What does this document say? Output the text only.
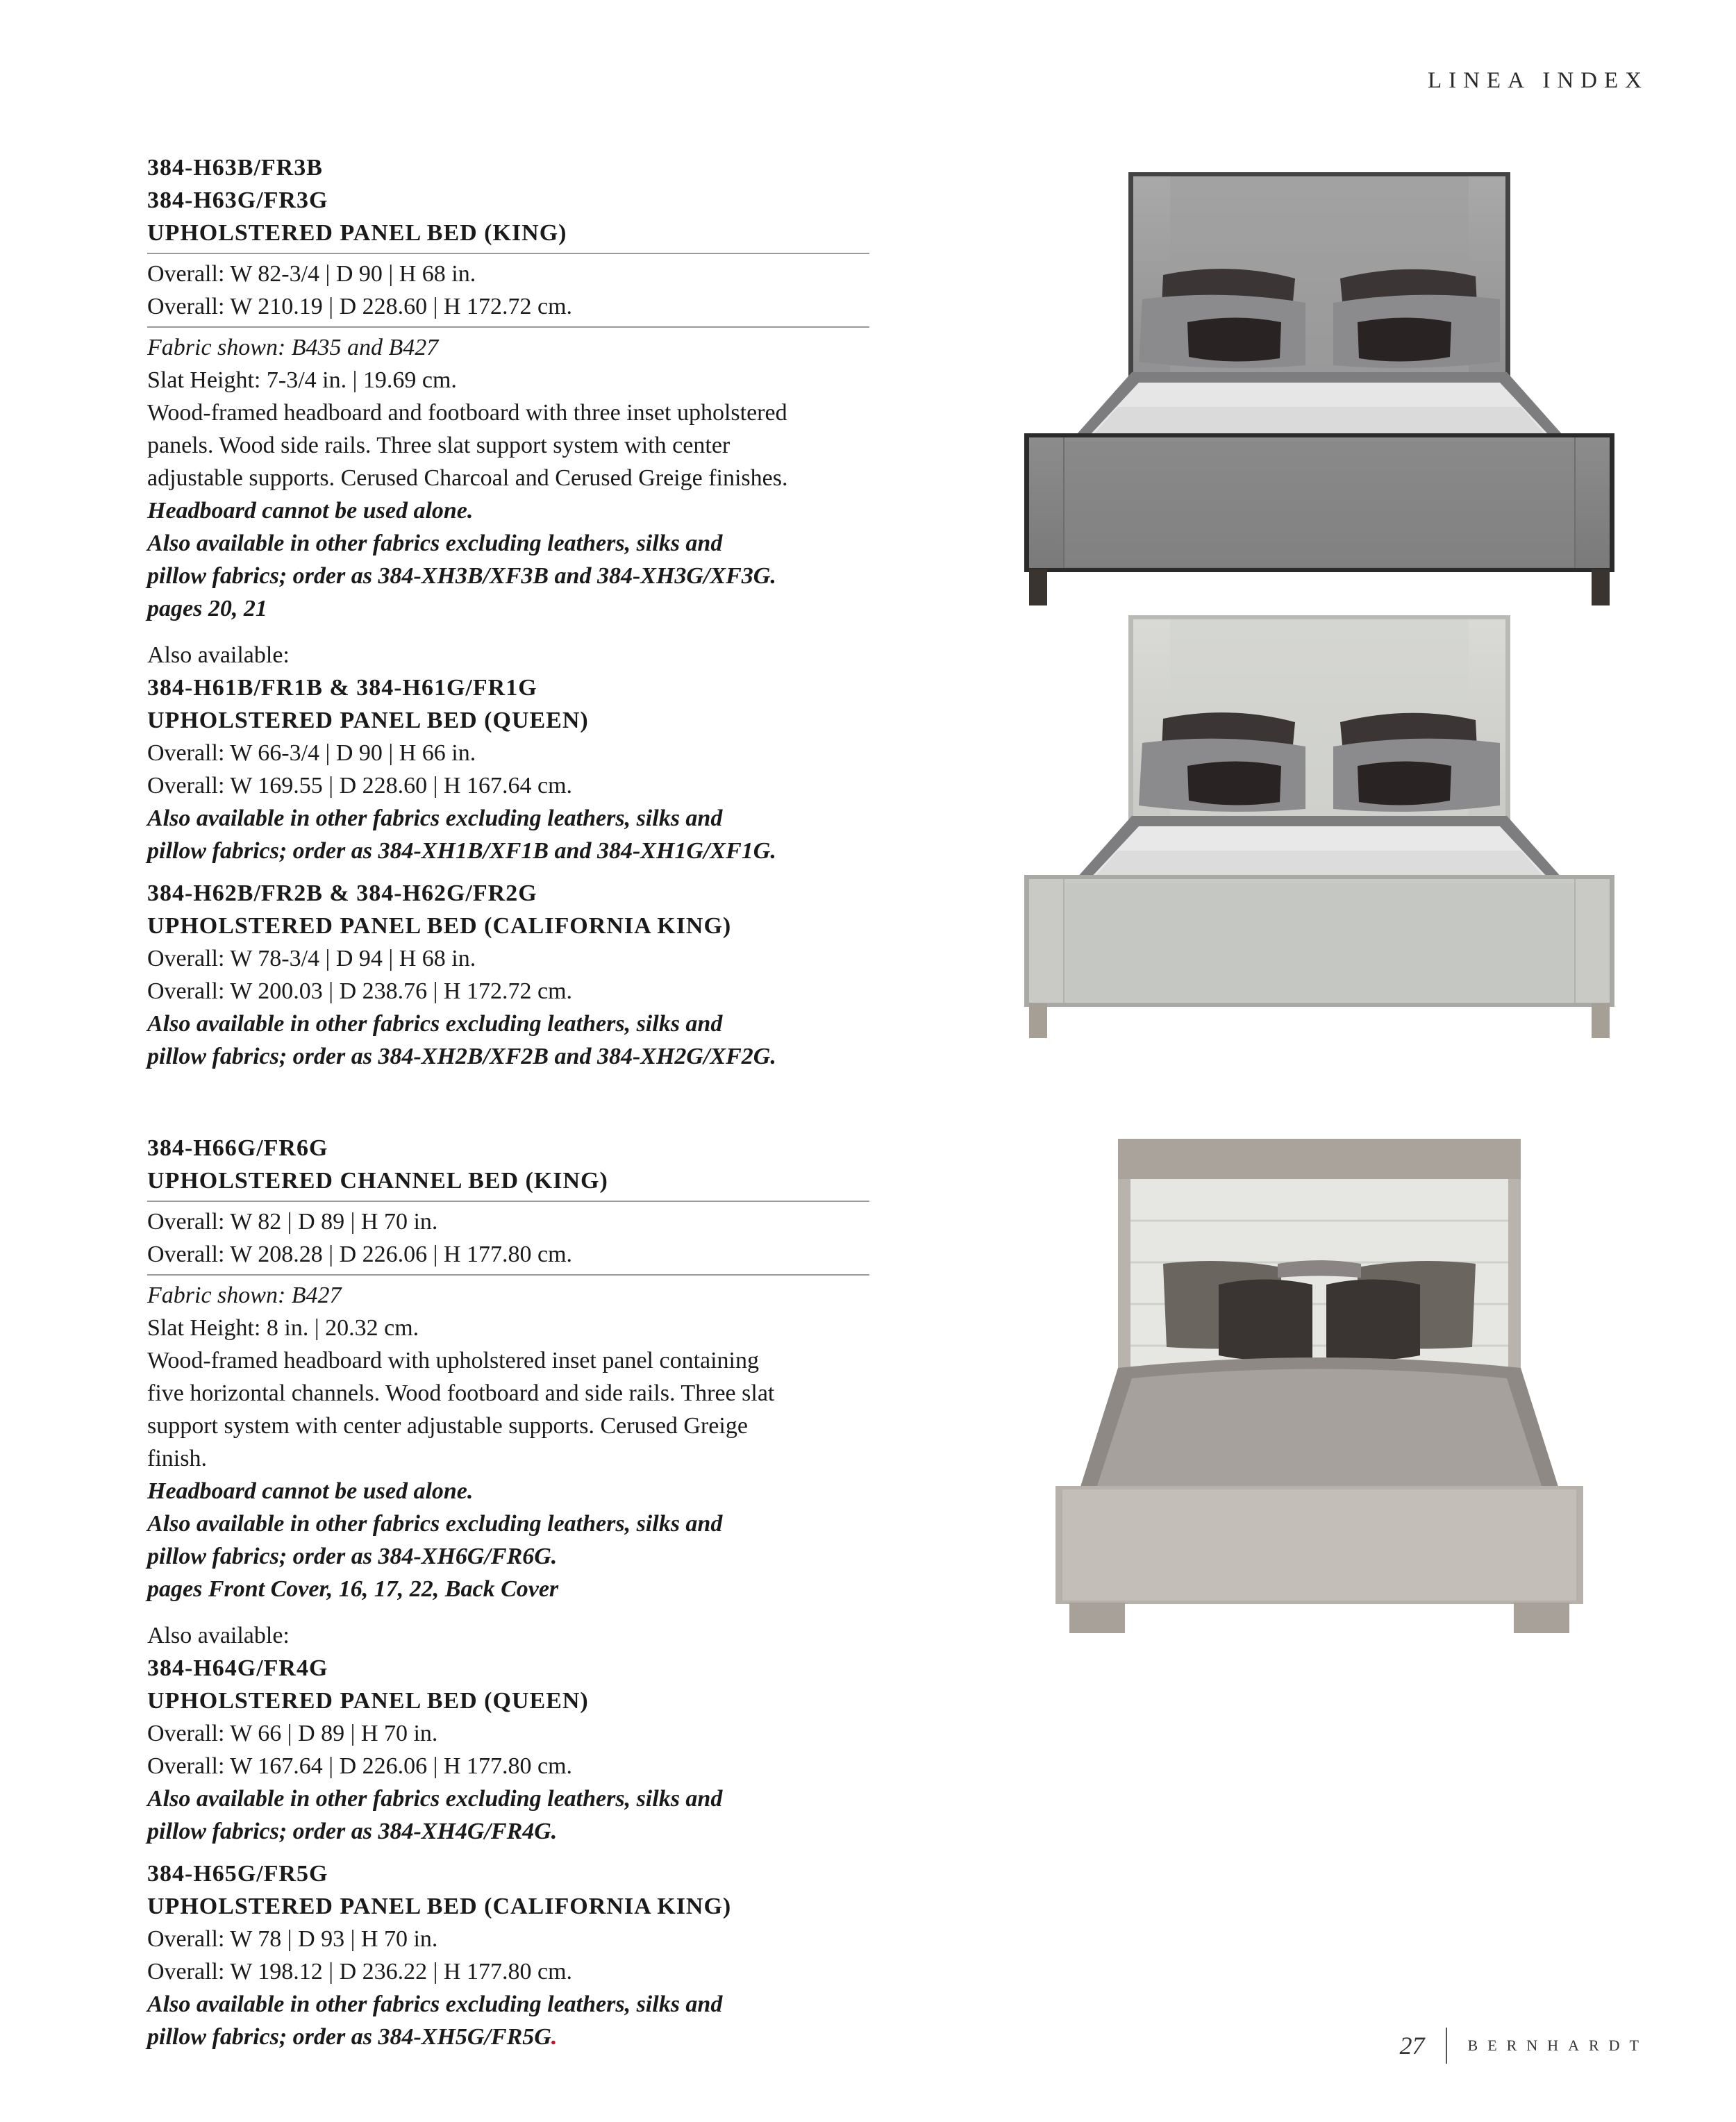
LINEA INDEX
384-H63B/FR3B
384-H63G/FR3G
UPHOLSTERED PANEL BED (KING)
Overall: W 82-3/4 | D 90 | H 68 in.
Overall: W 210.19 | D 228.60 | H 172.72 cm.
Fabric shown: B435 and B427
Slat Height: 7-3/4 in. | 19.69 cm.
Wood-framed headboard and footboard with three inset upholstered
panels. Wood side rails. Three slat support system with center
adjustable supports. Cerused Charcoal and Cerused Greige finishes.
Headboard cannot be used alone.
Also available in other fabrics excluding leathers, silks and
pillow fabrics; order as 384-XH3B/XF3B and 384-XH3G/XF3G.
pages 20, 21
Also available:
384-H61B/FR1B & 384-H61G/FR1G
UPHOLSTERED PANEL BED (QUEEN)
Overall: W 66-3/4 | D 90 | H 66 in.
Overall: W 169.55 | D 228.60 | H 167.64 cm.
Also available in other fabrics excluding leathers, silks and
pillow fabrics; order as 384-XH1B/XF1B and 384-XH1G/XF1G.
384-H62B/FR2B & 384-H62G/FR2G
UPHOLSTERED PANEL BED (CALIFORNIA KING)
Overall: W 78-3/4 | D 94 | H 68 in.
Overall: W 200.03 | D 238.76 | H 172.72 cm.
Also available in other fabrics excluding leathers, silks and
pillow fabrics; order as 384-XH2B/XF2B and 384-XH2G/XF2G.
384-H66G/FR6G
UPHOLSTERED CHANNEL BED (KING)
Overall: W 82 | D 89 | H 70 in.
Overall: W 208.28 | D 226.06 | H 177.80 cm.
Fabric shown: B427
Slat Height: 8 in. | 20.32 cm.
Wood-framed headboard with upholstered inset panel containing
five horizontal channels. Wood footboard and side rails. Three slat
support system with center adjustable supports. Cerused Greige
finish.
Headboard cannot be used alone.
Also available in other fabrics excluding leathers, silks and
pillow fabrics; order as 384-XH6G/FR6G.
pages Front Cover, 16, 17, 22, Back Cover
Also available:
384-H64G/FR4G
UPHOLSTERED PANEL BED (QUEEN)
Overall: W 66 | D 89 | H 70 in.
Overall: W 167.64 | D 226.06 | H 177.80 cm.
Also available in other fabrics excluding leathers, silks and
pillow fabrics; order as 384-XH4G/FR4G.
384-H65G/FR5G
UPHOLSTERED PANEL BED (CALIFORNIA KING)
Overall: W 78 | D 93 | H 70 in.
Overall: W 198.12 | D 236.22 | H 177.80 cm.
Also available in other fabrics excluding leathers, silks and
pillow fabrics; order as 384-XH5G/FR5G.	27	BERNHARDT
